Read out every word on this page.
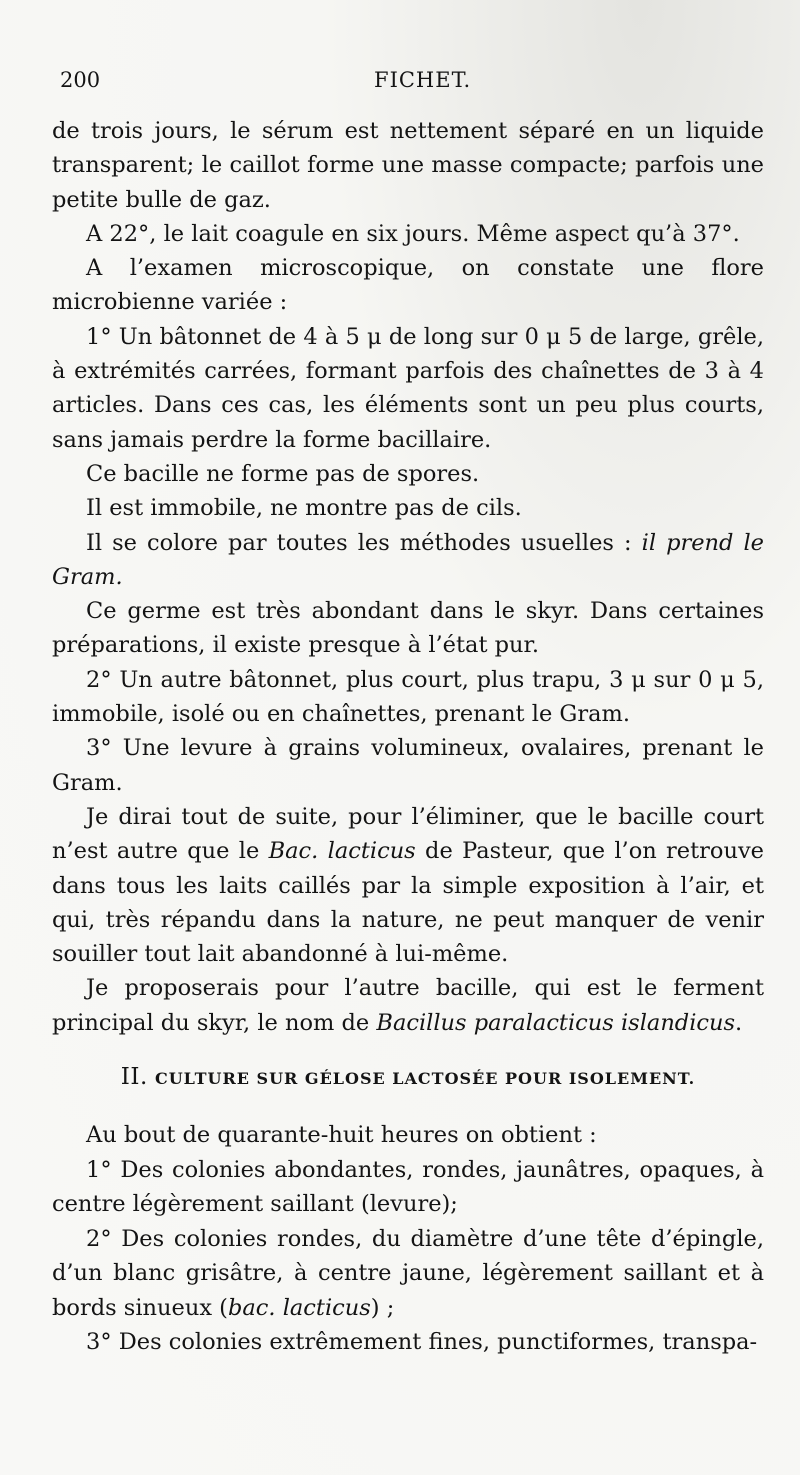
200	FICHET.

de trois jours, le sérum est nettement séparé en un liquide transparent; le caillot forme une masse compacte; parfois une petite bulle de gaz.

A 22°, le lait coagule en six jours. Même aspect qu’à 37°.

A l’examen microscopique, on constate une flore microbienne variée :

1° Un bâtonnet de 4 à 5 μ de long sur 0 μ 5 de large, grêle, à extrémités carrées, formant parfois des chaînettes de 3 à 4 articles. Dans ces cas, les éléments sont un peu plus courts, sans jamais perdre la forme bacillaire.

Ce bacille ne forme pas de spores.

Il est immobile, ne montre pas de cils.

Il se colore par toutes les méthodes usuelles : il prend le Gram.

Ce germe est très abondant dans le skyr. Dans certaines préparations, il existe presque à l’état pur.

2° Un autre bâtonnet, plus court, plus trapu, 3 μ sur 0 μ 5, immobile, isolé ou en chaînettes, prenant le Gram.

3° Une levure à grains volumineux, ovalaires, prenant le Gram.

Je dirai tout de suite, pour l’éliminer, que le bacille court n’est autre que le Bac. lacticus de Pasteur, que l’on retrouve dans tous les laits caillés par la simple exposition à l’air, et qui, très répandu dans la nature, ne peut manquer de venir souiller tout lait abandonné à lui-même.

Je proposerais pour l’autre bacille, qui est le ferment principal du skyr, le nom de Bacillus paralacticus islandicus.

II. CULTURE SUR GÉLOSE LACTOSÉE POUR ISOLEMENT.

Au bout de quarante-huit heures on obtient :

1° Des colonies abondantes, rondes, jaunâtres, opaques, à centre légèrement saillant (levure);

2° Des colonies rondes, du diamètre d’une tête d’épingle, d’un blanc grisâtre, à centre jaune, légèrement saillant et à bords sinueux (bac. lacticus) ;

3° Des colonies extrêmement fines, punctiformes, transpa-
